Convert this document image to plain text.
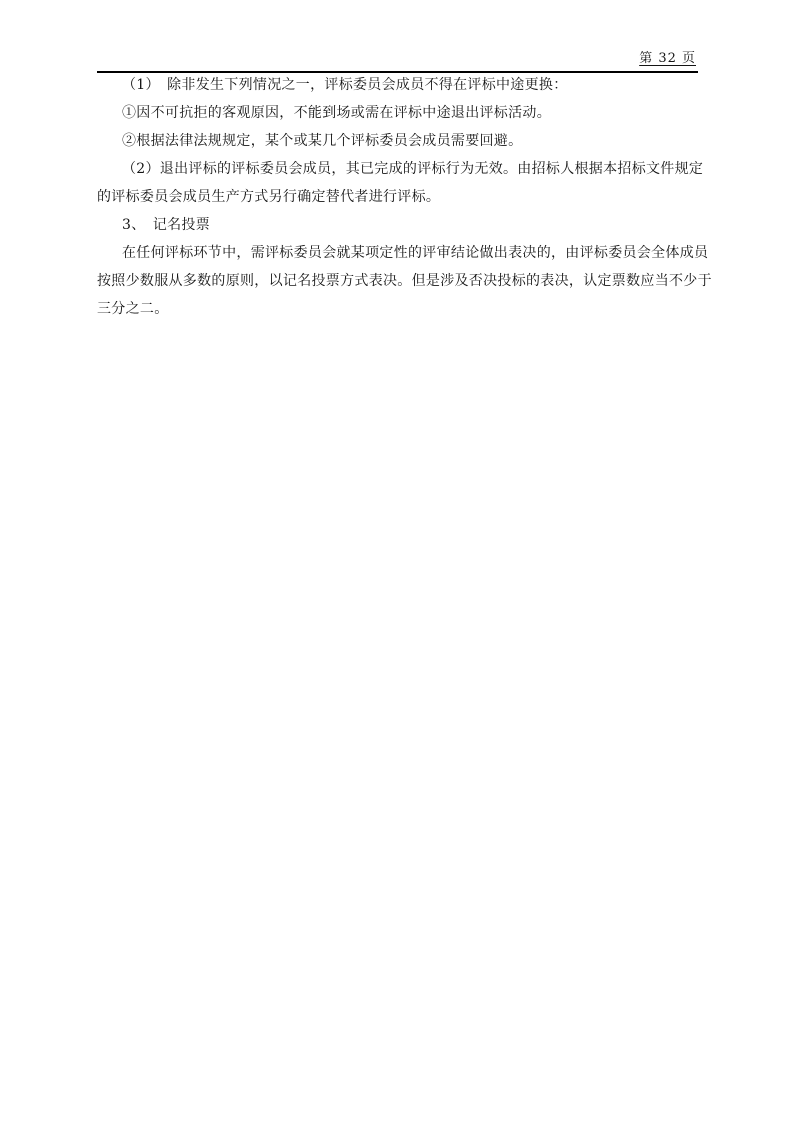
第 32 页
（1）　除非发生下列情况之一，评标委员会成员不得在评标中途更换：
①因不可抗拒的客观原因，不能到场或需在评标中途退出评标活动。
②根据法律法规规定，某个或某几个评标委员会成员需要回避。
（2）退出评标的评标委员会成员，其已完成的评标行为无效。由招标人根据本招标文件规定
的评标委员会成员生产方式另行确定替代者进行评标。
3、　记名投票
在任何评标环节中，需评标委员会就某项定性的评审结论做出表决的，由评标委员会全体成员
按照少数服从多数的原则，以记名投票方式表决。但是涉及否决投标的表决，认定票数应当不少于
三分之二。
